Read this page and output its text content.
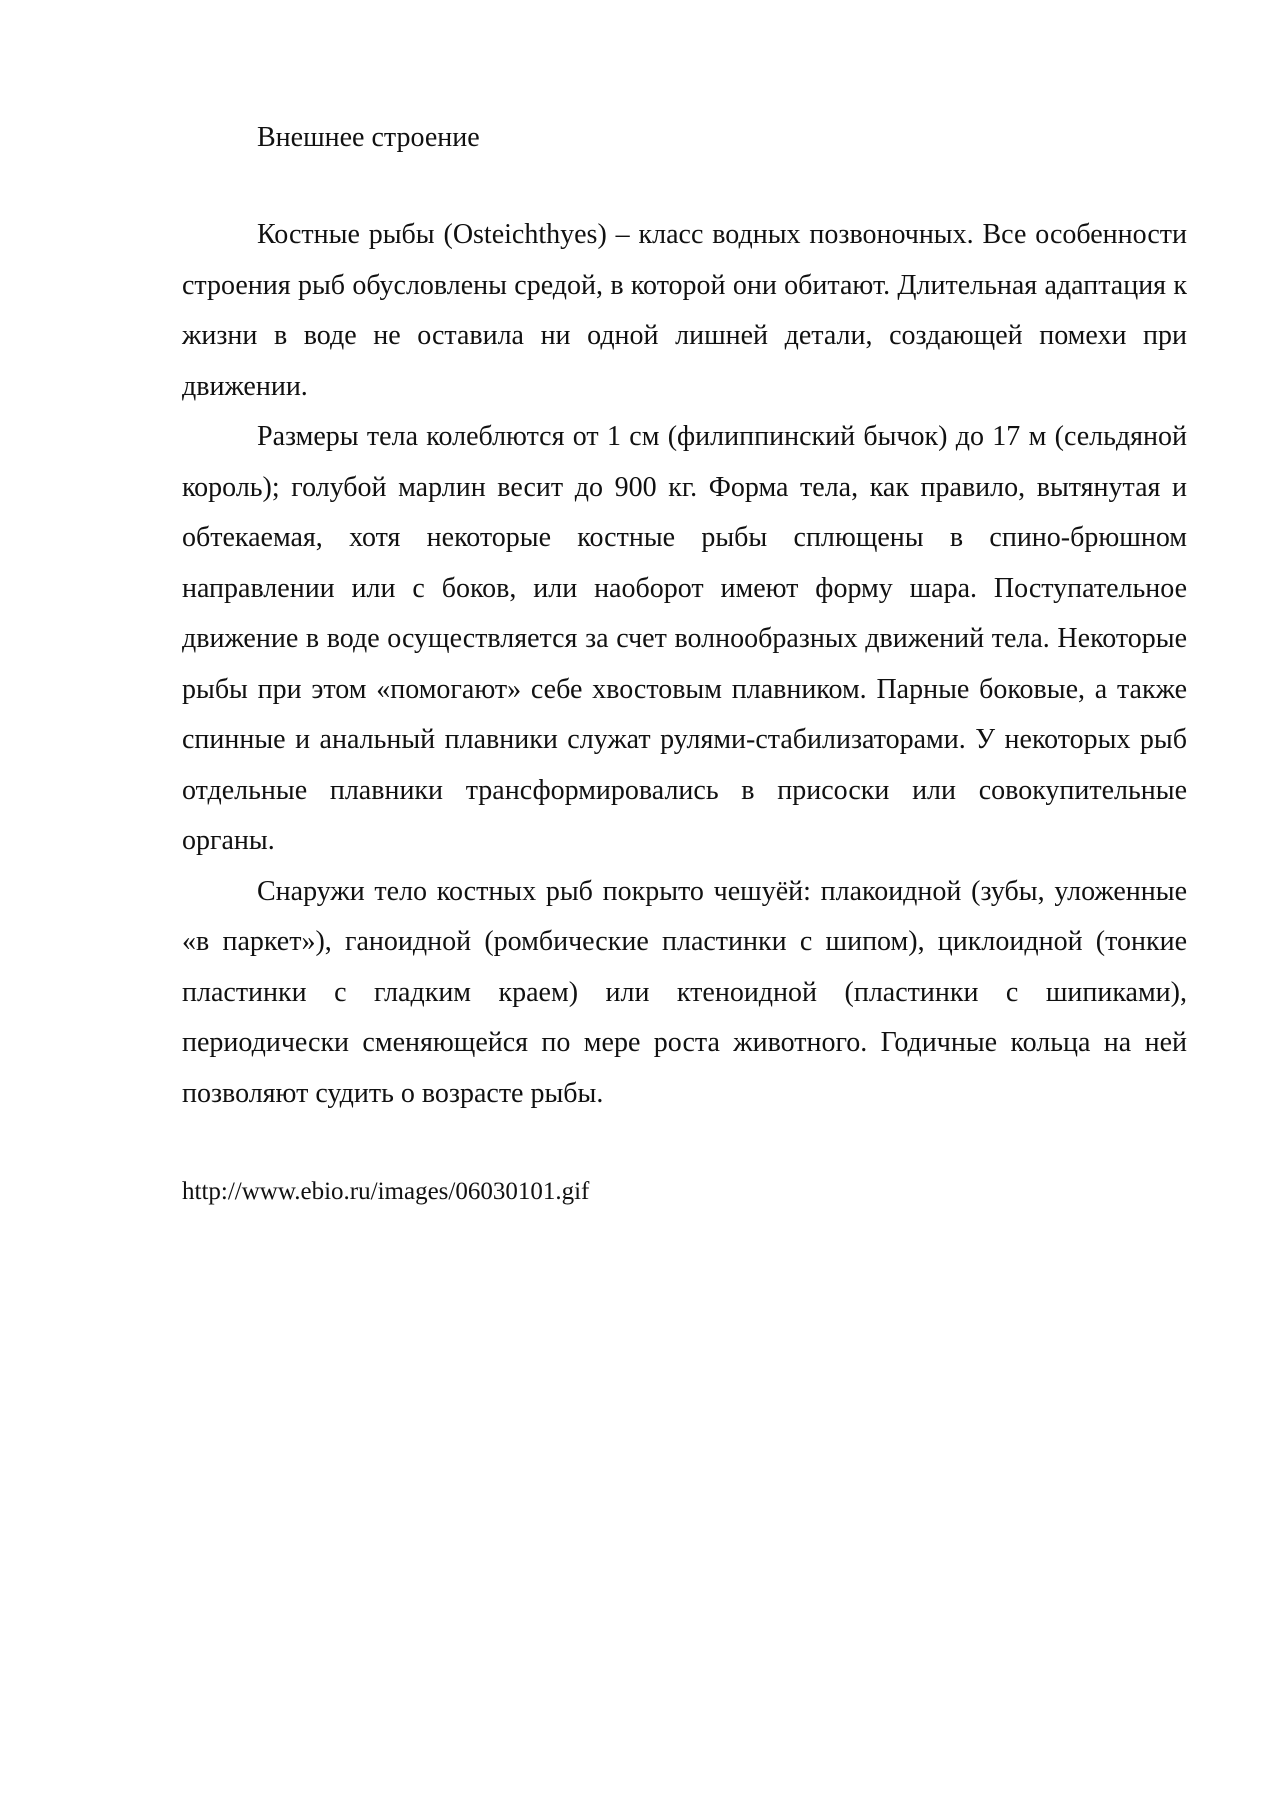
Внешнее строение

Костные рыбы (Osteichthyes) – класс водных позвоночных. Все особенности строения рыб обусловлены средой, в которой они обитают. Длительная адаптация к жизни в воде не оставила ни одной лишней детали, создающей помехи при движении.

Размеры тела колеблются от 1 см (филиппинский бычок) до 17 м (сельдяной король); голубой марлин весит до 900 кг. Форма тела, как правило, вытянутая и обтекаемая, хотя некоторые костные рыбы сплющены в спино-брюшном направлении или с боков, или наоборот имеют форму шара. Поступательное движение в воде осуществляется за счет волнообразных движений тела. Некоторые рыбы при этом «помогают» себе хвостовым плавником. Парные боковые, а также спинные и анальный плавники служат рулями-стабилизаторами. У некоторых рыб отдельные плавники трансформировались в присоски или совокупительные органы.

Снаружи тело костных рыб покрыто чешуёй: плакоидной (зубы, уложенные «в паркет»), ганоидной (ромбические пластинки с шипом), циклоидной (тонкие пластинки с гладким краем) или ктеноидной (пластинки с шипиками), периодически сменяющейся по мере роста животного. Годичные кольца на ней позволяют судить о возрасте рыбы.

http://www.ebio.ru/images/06030101.gif
